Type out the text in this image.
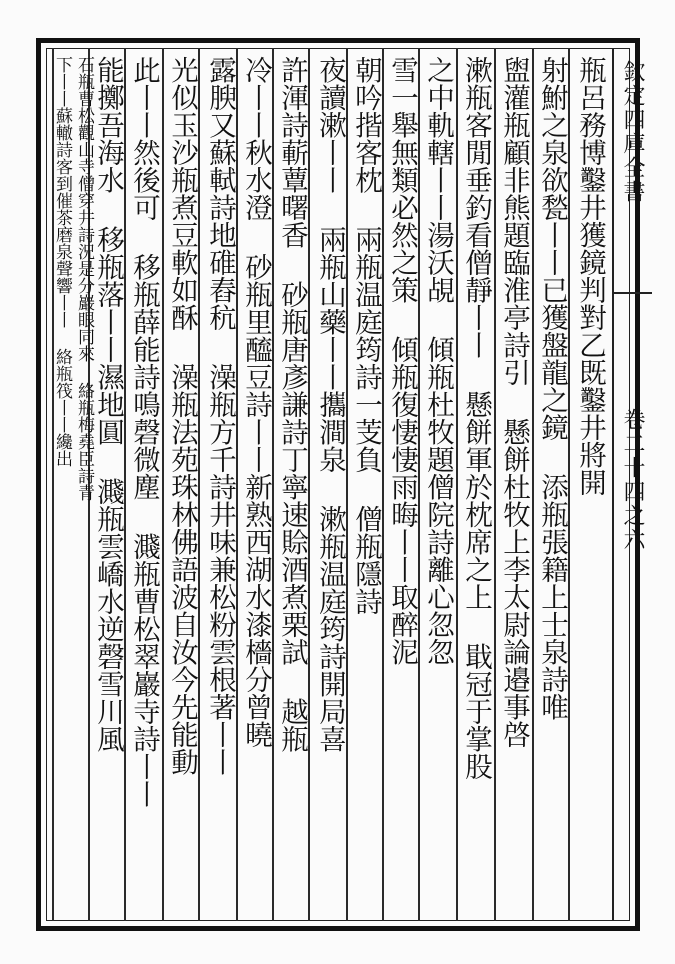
欽定四庫全書
卷二十四之六
瓶呂務博鑿井獲鏡判對乙既鑿井將開
射鮒之泉欲甃丨丨已獲盤龍之鏡 添瓶張籍上士泉詩唯
盥灌瓶顧非熊題臨淮亭詩引 懸餅杜牧上李太尉論邉事啓
漱瓶客閒垂釣看僧靜丨丨 懸餅軍於枕席之上 戢冠于掌股
之中軌轄丨丨湯沃覘 傾瓶杜牧題僧院詩離心忽忽
雪一舉無類必然之策 傾瓶復悽悽雨晦丨丨取醉泥
朝吟揩客枕 兩瓶温庭筠詩一芰負 僧瓶隱詩
夜讀漱丨丨 兩瓶山藥丨丨攜澗泉 漱瓶温庭筠詩開局喜
許渾詩蔪蕈曙香 砂瓶唐彥謙詩丁寧速賒酒煮栗試 越瓶
冷丨丨秋水澄 砂瓶里醯豆詩丨丨新熟西湖水漆檣分曾曉
露腴又蘇軾詩地碓舂秔 澡瓶方千詩井味兼松粉雲根著丨丨
光似玉沙瓶煮豆軟如酥 澡瓶法苑珠林佛語波自汝今先能動
此丨丨然後可 移瓶薛能詩鳴磬微塵 濺瓶曹松翠巖寺詩丨丨
能擲吾海水 移瓶落丨丨濕地圓 濺瓶雲嶠水逆磬雪川風
石瓶曹松觀山寺僧穿井詩況是分巖眼同來 絡瓶梅堯臣詩青
下丨丨蘇轍詩客到催茶磨泉聲響丨丨 絡瓶筏丨丨纔出
